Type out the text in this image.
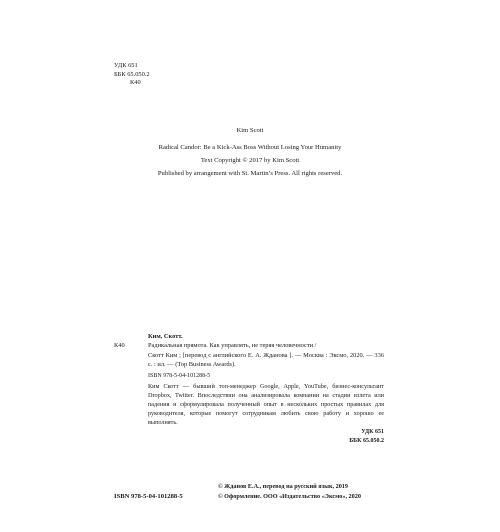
УДК 651
ББК 65.050.2
К40
Kim Scott
Radical Candor: Be a Kick-Ass Boss Without Losing Your Humanity
Text Copyright © 2017 by Kim Scott
Published by arrangement with St. Martin’s Press. All rights reserved.
Ким, Скотт.
К40	Радикальная прямота. Как управлять, не теряя человечности /
Скотт Ким ; [перевод с английского Е. А. Жданова ]. — Москва : Эксмо, 2020. — 336 с. : ил. — (Top Business Awards).
ISBN 978-5-04-101288-5
Ким Скотт — бывший топ-менеджер Google, Apple, YouTube, бизнес-консультант Dropbox, Twitter. Впоследствии она анализировала компании на стадии взлета или падения и сформулировала полученный опыт в нескольких простых правилах для руководителя, которые помогут сотрудникам любить свою работу и хорошо ее выполнять.
УДК 651
ББК 65.050.2
ISBN 978-5-04-101288-5
© Жданов Е.А., перевод на русский язык, 2019
© Оформление. ООО «Издательство «Эксмо», 2020
